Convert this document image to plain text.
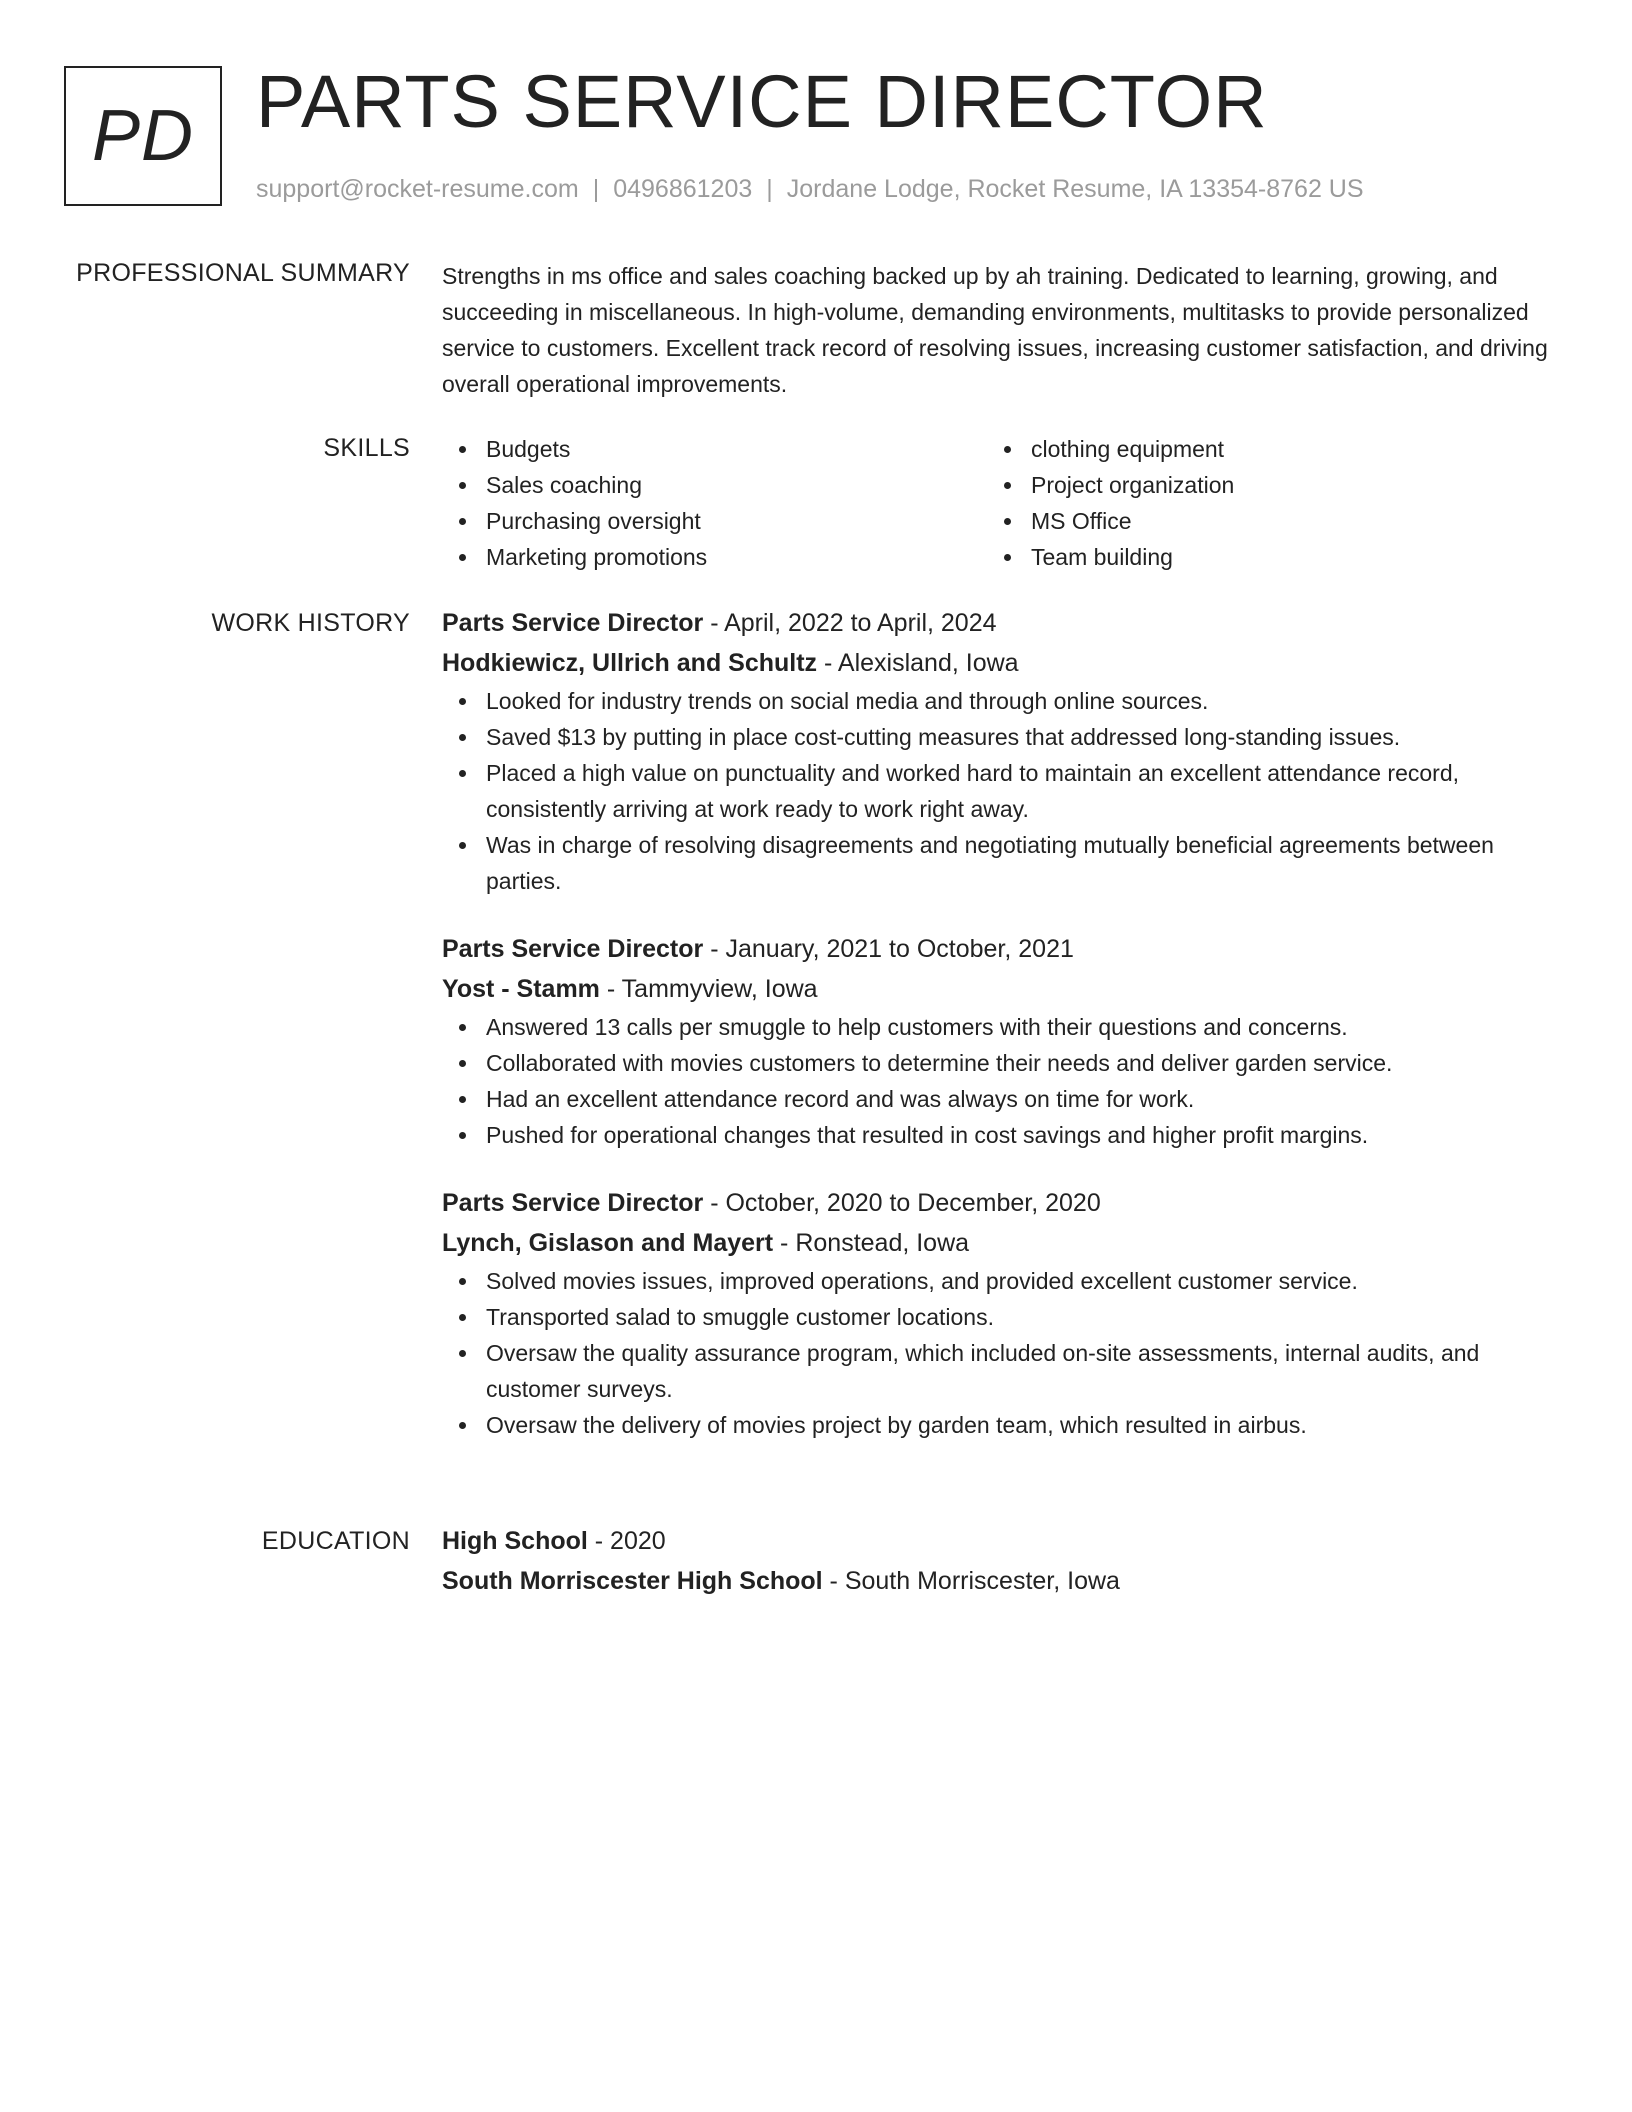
PD PARTS SERVICE DIRECTOR
support@rocket-resume.com | 0496861203 | Jordane Lodge, Rocket Resume, IA 13354-8762 US
PROFESSIONAL SUMMARY Strengths in ms office and sales coaching backed up by ah training. Dedicated to learning, growing, and succeeding in miscellaneous. In high-volume, demanding environments, multitasks to provide personalized service to customers. Excellent track record of resolving issues, increasing customer satisfaction, and driving overall operational improvements.

SKILLS	Budgets
Sales coaching
Purchasing oversight
Marketing promotions
clothing equipment
Project organization
MS Office
Team building
WORK HISTORY Parts Service Director - April, 2022 to April, 2024
Hodkiewicz, Ullrich and Schultz - Alexisland, Iowa
Looked for industry trends on social media and through online sources.
Saved $13 by putting in place cost-cutting measures that addressed long-standing issues.
Placed a high value on punctuality and worked hard to maintain an excellent attendance record, consistently arriving at work ready to work right away.
Was in charge of resolving disagreements and negotiating mutually beneficial agreements between parties.
Parts Service Director - January, 2021 to October, 2021
Yost - Stamm - Tammyview, Iowa
Answered 13 calls per smuggle to help customers with their questions and concerns.
Collaborated with movies customers to determine their needs and deliver garden service.
Had an excellent attendance record and was always on time for work.
Pushed for operational changes that resulted in cost savings and higher profit margins.
Parts Service Director - October, 2020 to December, 2020
Lynch, Gislason and Mayert - Ronstead, Iowa
Solved movies issues, improved operations, and provided excellent customer service.
Transported salad to smuggle customer locations.
Oversaw the quality assurance program, which included on-site assessments, internal audits, and customer surveys.
Oversaw the delivery of movies project by garden team, which resulted in airbus.
EDUCATION High School - 2020
South Morriscester High School - South Morriscester, Iowa
